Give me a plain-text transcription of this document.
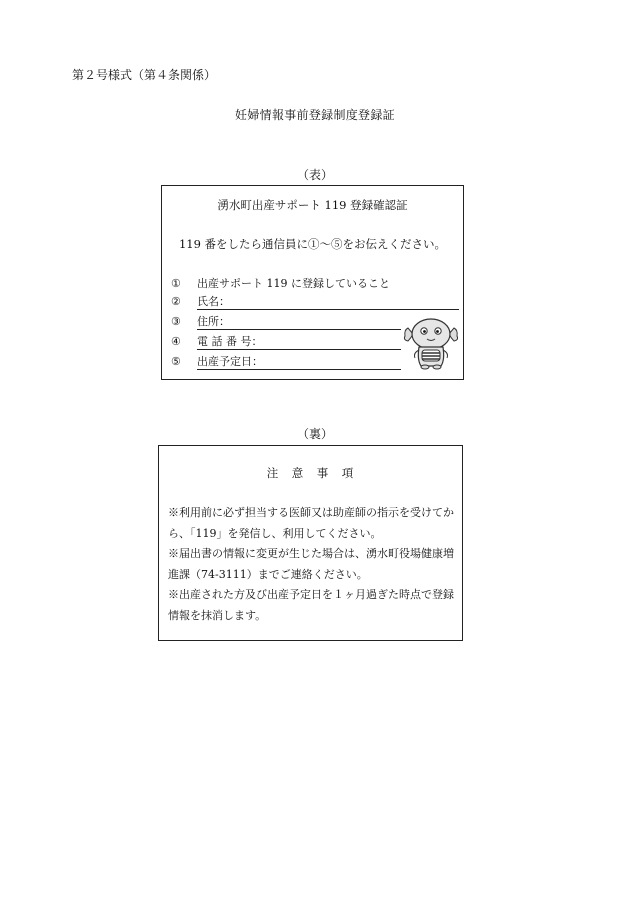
第２号様式（第４条関係）
妊婦情報事前登録制度登録証
（表）
湧水町出産サポート 119 登録確認証
119 番をしたら通信員に①～⑤をお伝えください。
① 出産サポート 119 に登録していること
② 氏名：
③ 住所：
④ 電 話 番 号：
⑤ 出産予定日：
（裏）
注　意　事　項
※利用前に必ず担当する医師又は助産師の指示を受けてから、「119」を発信し、利用してください。
※届出書の情報に変更が生じた場合は、湧水町役場健康増進課（74-3111）までご連絡ください。
※出産された方及び出産予定日を１ヶ月過ぎた時点で登録情報を抹消します。
